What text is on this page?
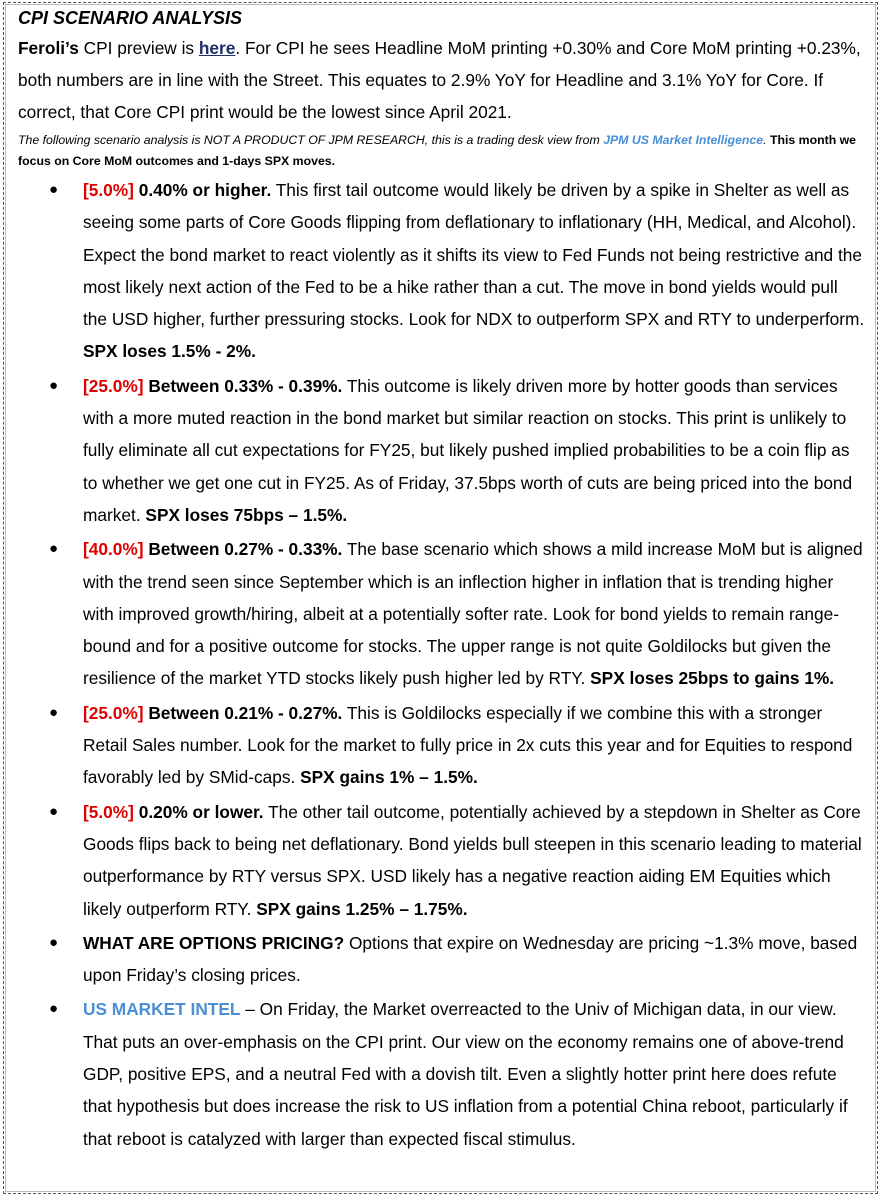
CPI SCENARIO ANALYSIS
Feroli’s CPI preview is here. For CPI he sees Headline MoM printing +0.30% and Core MoM printing +0.23%, both numbers are in line with the Street. This equates to 2.9% YoY for Headline and 3.1% YoY for Core. If correct, that Core CPI print would be the lowest since April 2021.
The following scenario analysis is NOT A PRODUCT OF JPM RESEARCH, this is a trading desk view from JPM US Market Intelligence. This month we focus on Core MoM outcomes and 1-days SPX moves.
● [5.0%] 0.40% or higher. This first tail outcome would likely be driven by a spike in Shelter as well as seeing some parts of Core Goods flipping from deflationary to inflationary (HH, Medical, and Alcohol). Expect the bond market to react violently as it shifts its view to Fed Funds not being restrictive and the most likely next action of the Fed to be a hike rather than a cut. The move in bond yields would pull the USD higher, further pressuring stocks. Look for NDX to outperform SPX and RTY to underperform. SPX loses 1.5% - 2%.
● [25.0%] Between 0.33% - 0.39%. This outcome is likely driven more by hotter goods than services with a more muted reaction in the bond market but similar reaction on stocks. This print is unlikely to fully eliminate all cut expectations for FY25, but likely pushed implied probabilities to be a coin flip as to whether we get one cut in FY25. As of Friday, 37.5bps worth of cuts are being priced into the bond market. SPX loses 75bps – 1.5%.
● [40.0%] Between 0.27% - 0.33%. The base scenario which shows a mild increase MoM but is aligned with the trend seen since September which is an inflection higher in inflation that is trending higher with improved growth/hiring, albeit at a potentially softer rate. Look for bond yields to remain range-bound and for a positive outcome for stocks. The upper range is not quite Goldilocks but given the resilience of the market YTD stocks likely push higher led by RTY. SPX loses 25bps to gains 1%.
● [25.0%] Between 0.21% - 0.27%. This is Goldilocks especially if we combine this with a stronger Retail Sales number. Look for the market to fully price in 2x cuts this year and for Equities to respond favorably led by SMid-caps. SPX gains 1% – 1.5%.
● [5.0%] 0.20% or lower. The other tail outcome, potentially achieved by a stepdown in Shelter as Core Goods flips back to being net deflationary. Bond yields bull steepen in this scenario leading to material outperformance by RTY versus SPX. USD likely has a negative reaction aiding EM Equities which likely outperform RTY. SPX gains 1.25% – 1.75%.
● WHAT ARE OPTIONS PRICING? Options that expire on Wednesday are pricing ~1.3% move, based upon Friday’s closing prices.
● US MARKET INTEL – On Friday, the Market overreacted to the Univ of Michigan data, in our view. That puts an over-emphasis on the CPI print. Our view on the economy remains one of above-trend GDP, positive EPS, and a neutral Fed with a dovish tilt. Even a slightly hotter print here does refute that hypothesis but does increase the risk to US inflation from a potential China reboot, particularly if that reboot is catalyzed with larger than expected fiscal stimulus.
